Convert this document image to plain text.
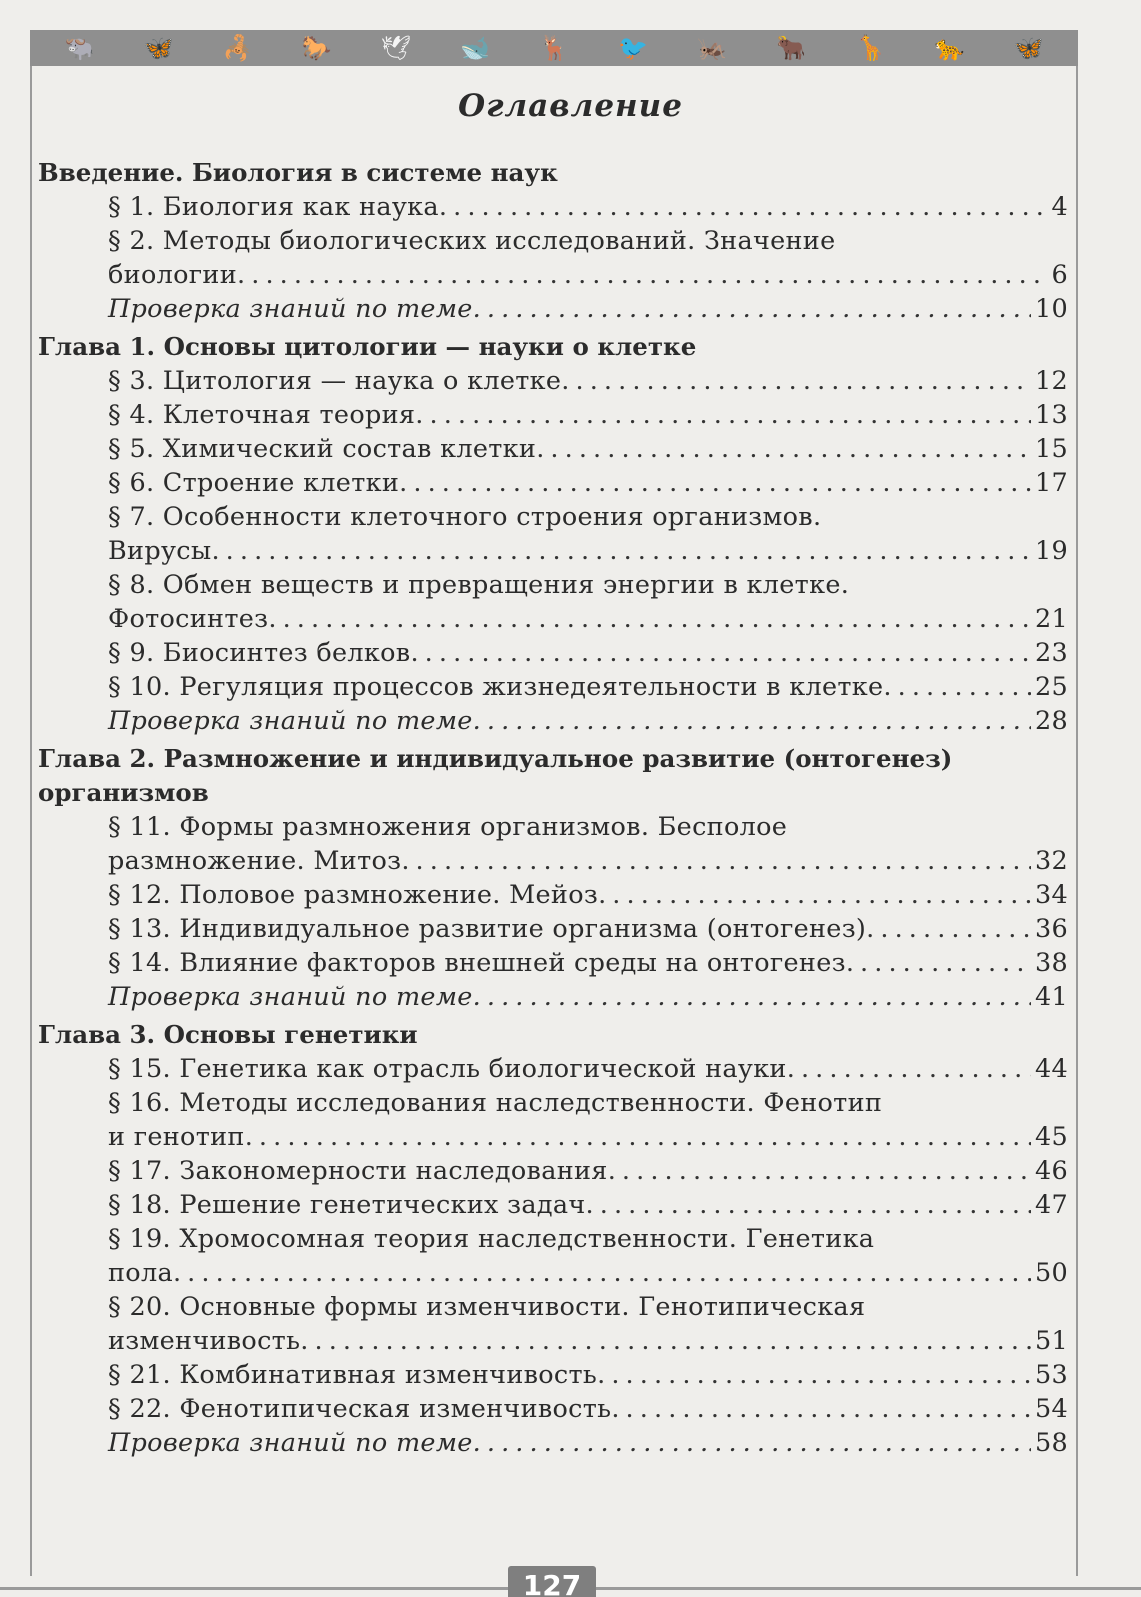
🐃 🦋 🦂 🐎 🕊 🐋 🦌 🐦 🦗 🐂 🦒 🐆 🦋
127
Оглавление
Введение. Биология в системе наук
§ 1. Биология как наука . . .	4
§ 2. Методы биологических исследований. Значение
биологии . . .	6
Проверка знаний по теме . . .	10
Глава 1. Основы цитологии — науки о клетке
§ 3. Цитология — наука о клетке . . .	12
§ 4. Клеточная теория . . .	13
§ 5. Химический состав клетки . . .	15
§ 6. Строение клетки . . .	17
§ 7. Особенности клеточного строения организмов.
Вирусы . . .	19
§ 8. Обмен веществ и превращения энергии в клетке.
Фотосинтез . . .	21
§ 9. Биосинтез белков . . .	23
§ 10. Регуляция процессов жизнедеятельности в клетке . . .	25
Проверка знаний по теме . . .	28
Глава 2. Размножение и индивидуальное развитие (онтогенез) организмов
§ 11. Формы размножения организмов. Бесполое
размножение. Митоз . . .	32
§ 12. Половое размножение. Мейоз . . .	34
§ 13. Индивидуальное развитие организма (онтогенез) . . .	36
§ 14. Влияние факторов внешней среды на онтогенез . . .	38
Проверка знаний по теме . . .	41
Глава 3. Основы генетики
§ 15. Генетика как отрасль биологической науки . . .	44
§ 16. Методы исследования наследственности. Фенотип
и генотип . . .	45
§ 17. Закономерности наследования . . .	46
§ 18. Решение генетических задач . . .	47
§ 19. Хромосомная теория наследственности. Генетика
пола . . .	50
§ 20. Основные формы изменчивости. Генотипическая
изменчивость . . .	51
§ 21. Комбинативная изменчивость . . .	53
§ 22. Фенотипическая изменчивость . . .	54
Проверка знаний по теме . . .	58
